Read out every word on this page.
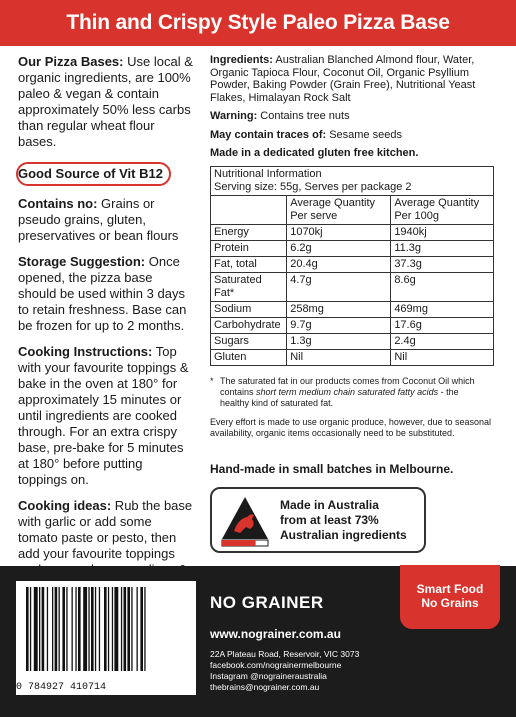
Thin and Crispy Style Paleo Pizza Base

Our Pizza Bases: Use local & organic ingredients, are 100% paleo & vegan & contain approximately 50% less carbs than regular wheat flour bases.

Good Source of Vit B12

Contains no: Grains or pseudo grains, gluten, preservatives or bean flours

Storage Suggestion: Once opened, the pizza base should be used within 3 days to retain freshness. Base can be frozen for up to 2 months.

Cooking Instructions: Top with your favourite toppings & bake in the oven at 180° for approximately 15 minutes or until ingredients are cooked through. For an extra crispy base, pre-bake for 5 minutes at 180° before putting toppings on.

Cooking ideas: Rub the base with garlic or add some tomato paste or pesto, then add your favourite toppings

Ingredients: Australian Blanched Almond flour, Water, Organic Tapioca Flour, Coconut Oil, Organic Psyllium Powder, Baking Powder (Grain Free), Nutritional Yeast Flakes, Himalayan Rock Salt

Warning: Contains tree nuts

May contain traces of: Sesame seeds

Made in a dedicated gluten free kitchen.

Nutritional Information
Serving size: 55g, Serves per package 2		

	Average Quantity Per serve	Average Quantity Per 100g
Energy	1070kj	1940kj
Protein	6.2g	11.3g
Fat, total	20.4g	37.3g
Saturated Fat*	4.7g	8.6g
Sodium	258mg	469mg
Carbohydrate	9.7g	17.6g
Sugars	1.3g	2.4g
Gluten	Nil	Nil
* The saturated fat in our products comes from Coconut Oil which contains short term medium chain saturated fatty acids - the healthy kind of saturated fat.
Every effort is made to use organic produce, however, due to seasonal availability, organic items occasionally need to be substituted.
Hand-made in small batches in Melbourne.
Made in Australia
from at least 73%
Australian ingredients
0 784927 410714
NO GRAINER
www.nograiner.com.au
22A Plateau Road, Reservoir, VIC 3073
facebook.com/nograinermelbourne
Instagram @nograineraustralia
thebrains@nograiner.com.au
Smart Food
No Grains
